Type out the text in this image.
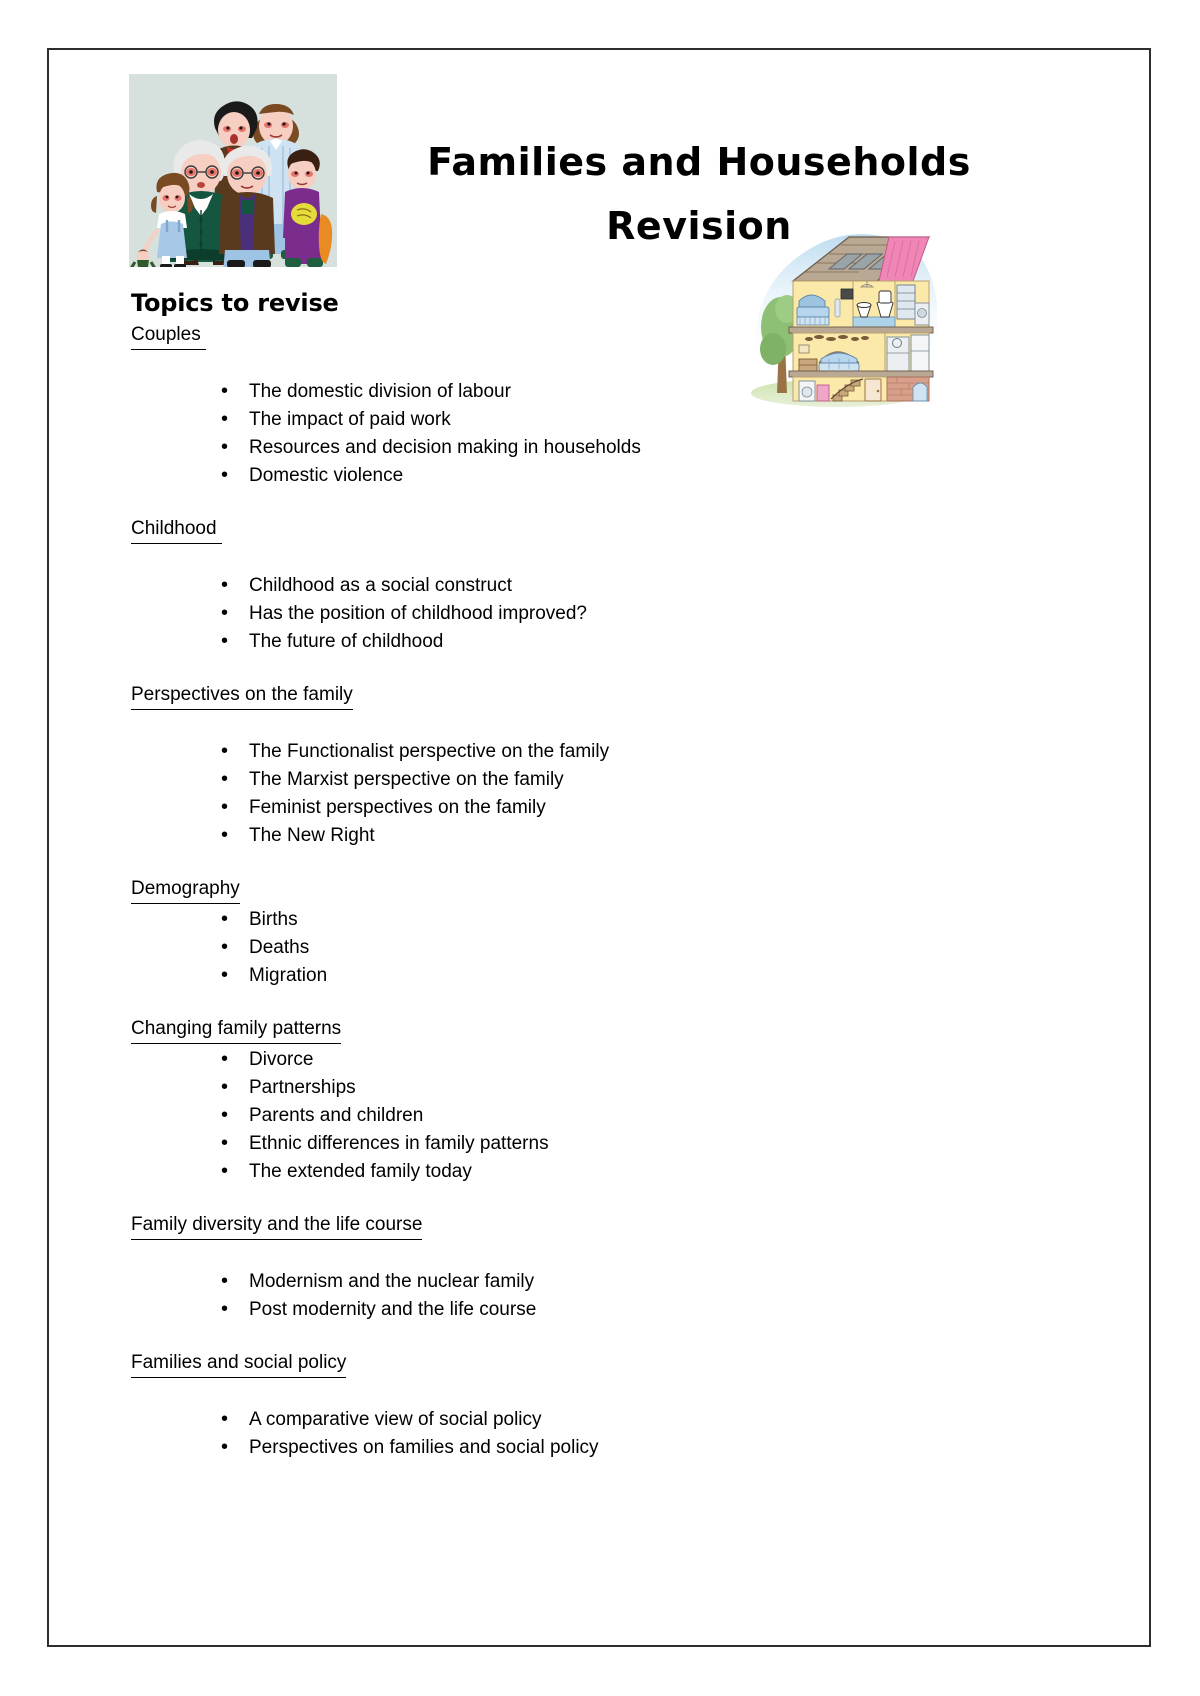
Families and Households
Revision
Topics to revise
Couples
• The domestic division of labour
• The impact of paid work
• Resources and decision making in households
• Domestic violence
Childhood
• Childhood as a social construct
• Has the position of childhood improved?
• The future of childhood
Perspectives on the family
• The Functionalist perspective on the family
• The Marxist perspective on the family
• Feminist perspectives on the family
• The New Right
Demography
• Births
• Deaths
• Migration
Changing family patterns
• Divorce
• Partnerships
• Parents and children
• Ethnic differences in family patterns
• The extended family today
Family diversity and the life course
• Modernism and the nuclear family
• Post modernity and the life course
Families and social policy
• A comparative view of social policy
• Perspectives on families and social policy
